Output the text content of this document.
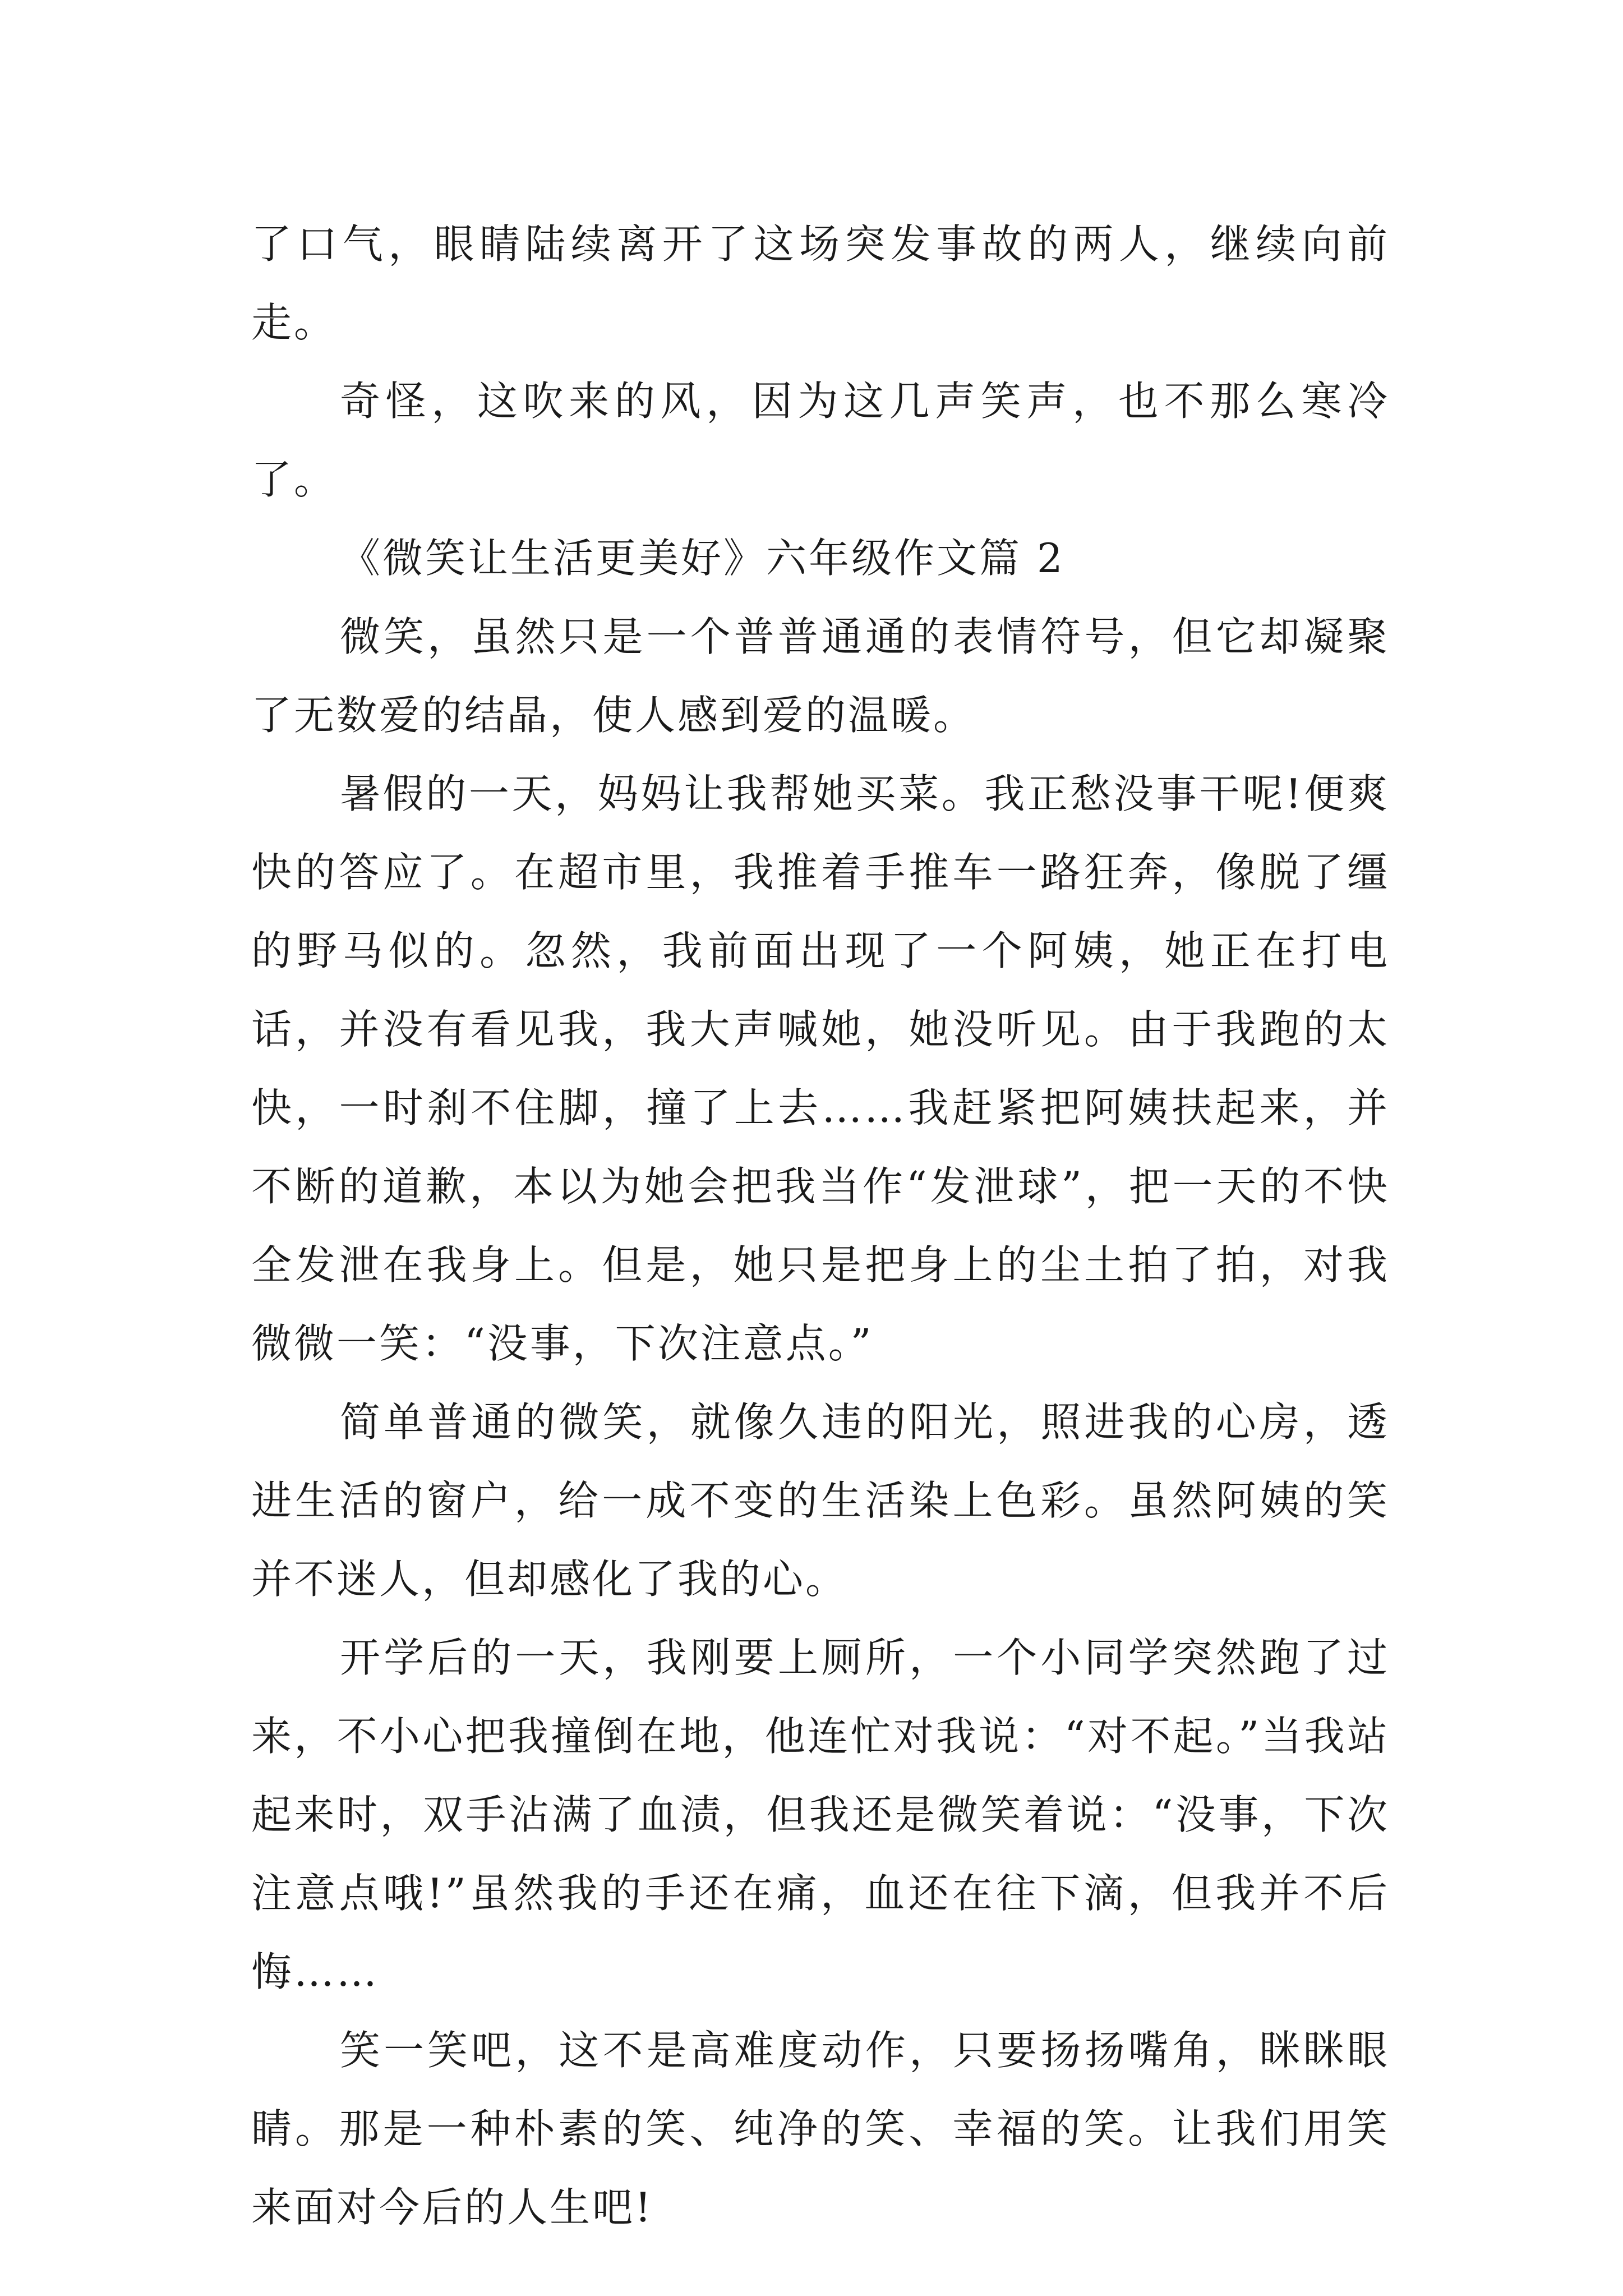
了口气，眼睛陆续离开了这场突发事故的两人，继续向前走。

奇怪，这吹来的风，因为这几声笑声，也不那么寒冷了。

《微笑让生活更美好》六年级作文篇 2

微笑，虽然只是一个普普通通的表情符号，但它却凝聚了无数爱的结晶，使人感到爱的温暖。

暑假的一天，妈妈让我帮她买菜。我正愁没事干呢!便爽快的答应了。在超市里，我推着手推车一路狂奔，像脱了缰的野马似的。忽然，我前面出现了一个阿姨，她正在打电话，并没有看见我，我大声喊她，她没听见。由于我跑的太快，一时刹不住脚，撞了上去……我赶紧把阿姨扶起来，并不断的道歉，本以为她会把我当作“发泄球”，把一天的不快全发泄在我身上。但是，她只是把身上的尘土拍了拍，对我微微一笑：“没事，下次注意点。”

简单普通的微笑，就像久违的阳光，照进我的心房，透进生活的窗户，给一成不变的生活染上色彩。虽然阿姨的笑并不迷人，但却感化了我的心。

开学后的一天，我刚要上厕所，一个小同学突然跑了过来，不小心把我撞倒在地，他连忙对我说：“对不起。”当我站起来时，双手沾满了血渍，但我还是微笑着说：“没事，下次注意点哦!”虽然我的手还在痛，血还在往下滴，但我并不后悔……

笑一笑吧，这不是高难度动作，只要扬扬嘴角，眯眯眼睛。那是一种朴素的笑、纯净的笑、幸福的笑。让我们用笑来面对今后的人生吧!
